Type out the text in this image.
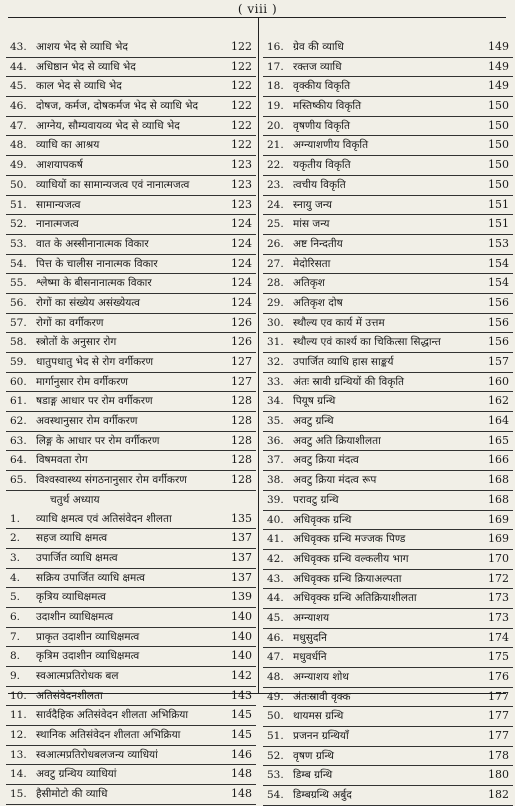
( viii )
43. आशय भेद से व्याधि भेद	122
44. अधिष्ठान भेद से व्याधि भेद	122
45. काल भेद से व्याधि भेद	122
46. दोषज, कर्मज, दोषकर्मज भेद से व्याधि भेद	122
47. आग्नेय, सौम्यवायव्य भेद से व्याधि भेद	122
48. व्याधि का आश्रय	122
49. आशयापकर्ष	123
50. व्याधियों का सामान्यजत्व एवं नानात्मजत्व	123
51. सामान्यजत्व	123
52. नानात्मजत्व	124
53. वात के अस्सीनानात्मक विकार	124
54. पित्त के चालीस नानात्मक विकार	124
55. श्लेष्मा के बीसनानात्मक विकार	124
56. रोगों का संख्येय असंख्येयत्व	124
57. रोगों का वर्गीकरण	126
58. स्त्रोतों के अनुसार रोग	126
59. धातुपधातु भेद से रोग वर्गीकरण	127
60. मार्गानुसार रोम वर्गीकरण	127
61. षडाङ्ग आधार पर रोम वर्गीकरण	128
62. अवस्थानुसार रोम वर्गीकरण	128
63. लिङ्ग के आधार पर रोम वर्गीकरण	128
64. विषमवता रोग	128
65. विश्वस्वास्थ्य संगठनानुसार रोम वर्गीकरण	128
चतुर्थ अध्याय
1. व्याधि क्षमत्व एवं अतिसंवेदन शीलता	135
2. सहज व्याधि क्षमत्व	137
3. उपार्जित व्याधि क्षमत्व	137
4. सक्रिय उपार्जित व्याधि क्षमत्व	137
5. कृत्रिय व्याधिक्षमत्व	139
6. उदाशीन व्याधिक्षमत्व	140
7. प्राकृत उदाशीन व्याधिक्षमत्व	140
8. कृत्रिम उदाशीन व्याधिक्षमत्व	140
9. स्वआत्मप्रतिरोधक बल	142
10. अतिसंवेदनशीलता	143
11. सार्वदैहिक अतिसंवेदन शीलता अभिक्रिया	145
12. स्थानिक अतिसंवेदन शीलता अभिक्रिया	145
13. स्वआत्मप्रतिरोधबलजन्य व्याधियां	146
14. अवटु ग्रन्थिय व्याधियां	148
15. हैसीमोटो की व्याधि	148
16. ग्रेव की व्याधि	149
17. रक्तज व्याधि	149
18. वृक्कीय विकृति	149
19. मस्तिष्कीय विकृति	150
20. वृषणीय विकृति	150
21. अग्न्याशणीय विकृति	150
22. यकृतीय विकृति	150
23. त्वचीय विकृति	150
24. स्नायु जन्य	151
25. मांस जन्य	151
26. अष्ट निन्दतीय	153
27. मेदोरिसता	154
28. अतिकृश	154
29. अतिकृश दोष	156
30. स्थौल्य एव कार्य में उत्तम	156
31. स्थौल्य एवं कार्श्य का चिकित्सा सिद्धान्त	156
32. उपार्जित व्याधि हास साङ्कर्य	157
33. अंतः स्रावी ग्रन्थियों की विकृति	160
34. पियूष ग्रन्थि	162
35. अवटु ग्रन्थि	164
36. अवटु अति क्रियाशीलता	165
37. अवटु क्रिया मंदत्व	166
38. अवटु क्रिया मंदत्व रूप	168
39. परावटु ग्रन्थि	168
40. अधिवृक्क ग्रन्थि	169
41. अधिवृक्क ग्रन्थि मज्जक पिण्ड	169
42. अधिवृक्क ग्रन्थि वल्कलीय भाग	170
43. अधिवृक्क ग्रन्थि क्रियाअल्पता	172
44. अधिवृक्क ग्रन्थि अतिक्रियाशीलता	173
45. अग्न्याशय	173
46. मधुसुदनि	174
47. मधुवर्धनि	175
48. अग्न्याशय शोथ	176
49. अंतःस्रावी वृक्क	177
50. थायमस ग्रन्थि	177
51. प्रजनन ग्रन्थियाँ	177
52. वृषण ग्रन्थि	178
53. डिम्ब ग्रन्थि	180
54. डिम्बग्रन्थि अर्बुद	182
